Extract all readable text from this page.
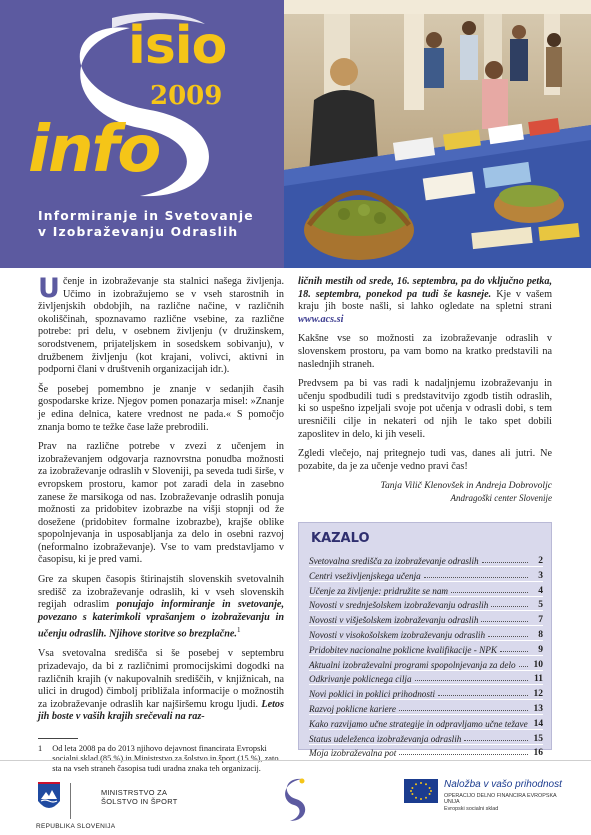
isio
2009
info
Informiranje in Svetovanje
v Izobraževanju Odraslih

Učenje in izobraževanje sta stalnici našega življenja. Učimo in izobražujemo se v vseh starostnih in življenjskih obdobjih, na različne načine, v različnih okoliščinah, spoznavamo različne vsebine, za različne potrebe: pri delu, v osebnem življenju (v družinskem, sorodstvenem, prijateljskem in sosedskem sobivanju), v družbenem življenju (kot krajani, volivci, aktivni in podporni člani v društvenih organizacijah idr.).

Še posebej pomembno je znanje v sedanjih časih gospodarske krize. Njegov pomen ponazarja misel: »Znanje je edina delnica, katere vrednost ne pada.« S pomočjo znanja bomo te težke čase laže prebrodili.

Prav na različne potrebe v zvezi z učenjem in izobraževanjem odgovarja raznovrstna ponudba možnosti za izobraževanje odraslih v Sloveniji, pa seveda tudi širše, v evropskem prostoru, kamor pot zaradi dela in zasebno zanese že marsikoga od nas. Izobraževanje odraslih ponuja možnosti za pridobitev izobrazbe na višji stopnji od že dosežene (pridobitev formalne izobrazbe), krajše oblike spopolnjevanja in usposabljanja za delo in osebni razvoj (neformalno izobraževanje). Vse to vam predstavljamo v časopisu, ki je pred vami.

Gre za skupen časopis štirinajstih slovenskih svetovalnih središč za izobraževanje odraslih, ki v vseh slovenskih regijah odraslim ponujajo informiranje in svetovanje, povezano s katerimkoli vprašanjem o izobraževanju in učenju odraslih. Njihove storitve so brezplačne.$^1$

Vsa svetovalna središča si še posebej v septembru prizadevajo, da bi z različnimi promocijskimi dogodki na različnih krajih (v nakupovalnih središčih, v knjižnicah, na ulici in drugod) čimbolj približala informacije o možnostih za izobraževanje odraslih kar najširšemu krogu ljudi. Letos jih boste v vaših krajih srečevali na raz-

1 Od leta 2008 pa do 2013 njihovo dejavnost financirata Evropski socialni sklad (85 %) in Ministrstvo za šolstvo in šport (15 %), zato sta na vseh straneh časopisa tudi uradna znaka teh organizacij.

ličnih mestih od srede, 16. septembra, pa do vključno petka, 18. septembra, ponekod pa tudi še kasneje. Kje v vašem kraju jih boste našli, si lahko ogledate na spletni strani www.acs.si

Kakšne vse so možnosti za izobraževanje odraslih v slovenskem prostoru, pa vam bomo na kratko predstavili na naslednjih straneh.

Predvsem pa bi vas radi k nadaljnjemu izobraževanju in učenju spodbudili tudi s predstavitvijo zgodb tistih odraslih, ki so uspešno izpeljali svoje pot učenja v odrasli dobi, s tem uresničili cilje in nekateri od njih le tako spet dobili zaposlitev in delo, ki jih veseli.

Zgledi vlečejo, naj pritegnejo tudi vas, danes ali jutri. Ne pozabite, da je za učenje vedno pravi čas!

Tanja Vilič Klenovšek in Andreja Dobrovoljc
Andragoški center Slovenije
KAZALO
Svetovalna središča za izobraževanje odraslih	2
Centri vseživljenjskega učenja	3
Učenje za življenje: pridružite se nam	4
Novosti v srednješolskem izobraževanju odraslih	5
Novosti v višješolskem izobraževanju odraslih	7
Novosti v visokošolskem izobraževanju odraslih	8
Pridobitev nacionalne poklicne kvalifikacije - NPK	9
Aktualni izobraževalni programi spopolnjevanja za delo 10
Odkrivanje poklicnega cilja	11
Novi poklici in poklici prihodnosti	12
Razvoj poklicne kariere	13
Kako razvijamo učne strategije in odpravljamo učne težave 14
Status udeleženca izobraževanja odraslih	15
Moja izobraževalna pot	16
MINISTRSTVO ZA
ŠOLSTVO IN ŠPORT
REPUBLIKA SLOVENIJA
Naložba v vašo prihodnost
OPERACIJO DELNO FINANCIRA EVROPSKA UNIJA
Evropski socialni sklad
